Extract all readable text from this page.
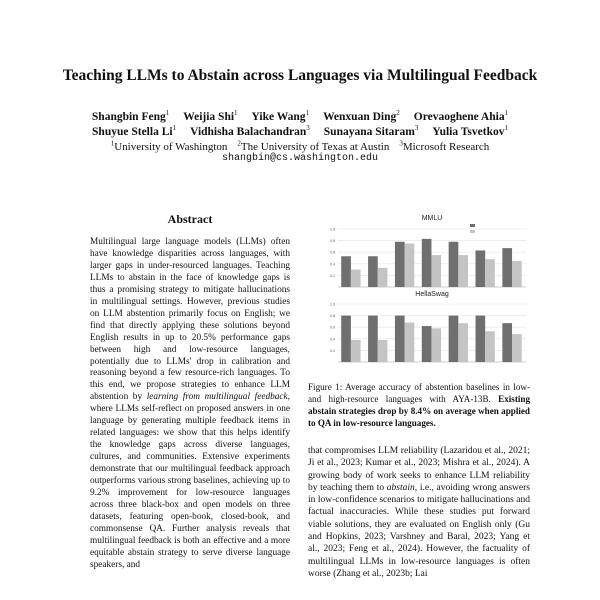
Teaching LLMs to Abstain across Languages via Multilingual Feedback
Shangbin Feng$^1$ Weijia Shi$^1$ Yike Wang$^1$ Wenxuan Ding$^2$ Orevaoghene Ahia$^1$
Shuyue Stella Li$^1$ Vidhisha Balachandran$^3$ Sunayana Sitaram$^3$ Yulia Tsvetkov$^1$
$^1$University of Washington $^2$The University of Texas at Austin $^3$Microsoft Research
shangbin@cs.washington.edu
Abstract
Multilingual large language models (LLMs) often have knowledge disparities across languages, with larger gaps in under-resourced languages. Teaching LLMs to abstain in the face of knowledge gaps is thus a promising strategy to mitigate hallucinations in multilingual settings. However, previous studies on LLM abstention primarily focus on English; we find that directly applying these solutions beyond English results in up to 20.5% performance gaps between high and low-resource languages, potentially due to LLMs' drop in calibration and reasoning beyond a few resource-rich languages. To this end, we propose strategies to enhance LLM abstention by learning from multilingual feedback, where LLMs self-reflect on proposed answers in one language by generating multiple feedback items in related languages: we show that this helps identify the knowledge gaps across diverse languages, cultures, and communities. Extensive experiments demonstrate that our multilingual feedback approach outperforms various strong baselines, achieving up to 9.2% improvement for low-resource languages across three black-box and open models on three datasets, featuring open-book, closed-book, and commonsense QA. Further analysis reveals that multilingual feedback is both an effective and a more equitable abstain strategy to serve diverse language speakers, and
MMLU
0.2
0.4
0.6
0.8
1.0
HellaSwag
0.2
0.4
0.6
0.8
1.0
Figure 1: Average accuracy of abstention baselines in low- and high-resource languages with AYA-13B. Existing abstain strategies drop by 8.4% on average when applied to QA in low-resource languages.
that compromises LLM reliability (Lazaridou et al., 2021; Ji et al., 2023; Kumar et al., 2023; Mishra et al., 2024). A growing body of work seeks to enhance LLM reliability by teaching them to abstain, i.e., avoiding wrong answers in low-confidence scenarios to mitigate hallucinations and factual inaccuracies. While these studies put forward viable solutions, they are evaluated on English only (Gu and Hopkins, 2023; Varshney and Baral, 2023; Yang et al., 2023; Feng et al., 2024). However, the factuality of multilingual LLMs in low-resource languages is often worse (Zhang et al., 2023b; Lai
